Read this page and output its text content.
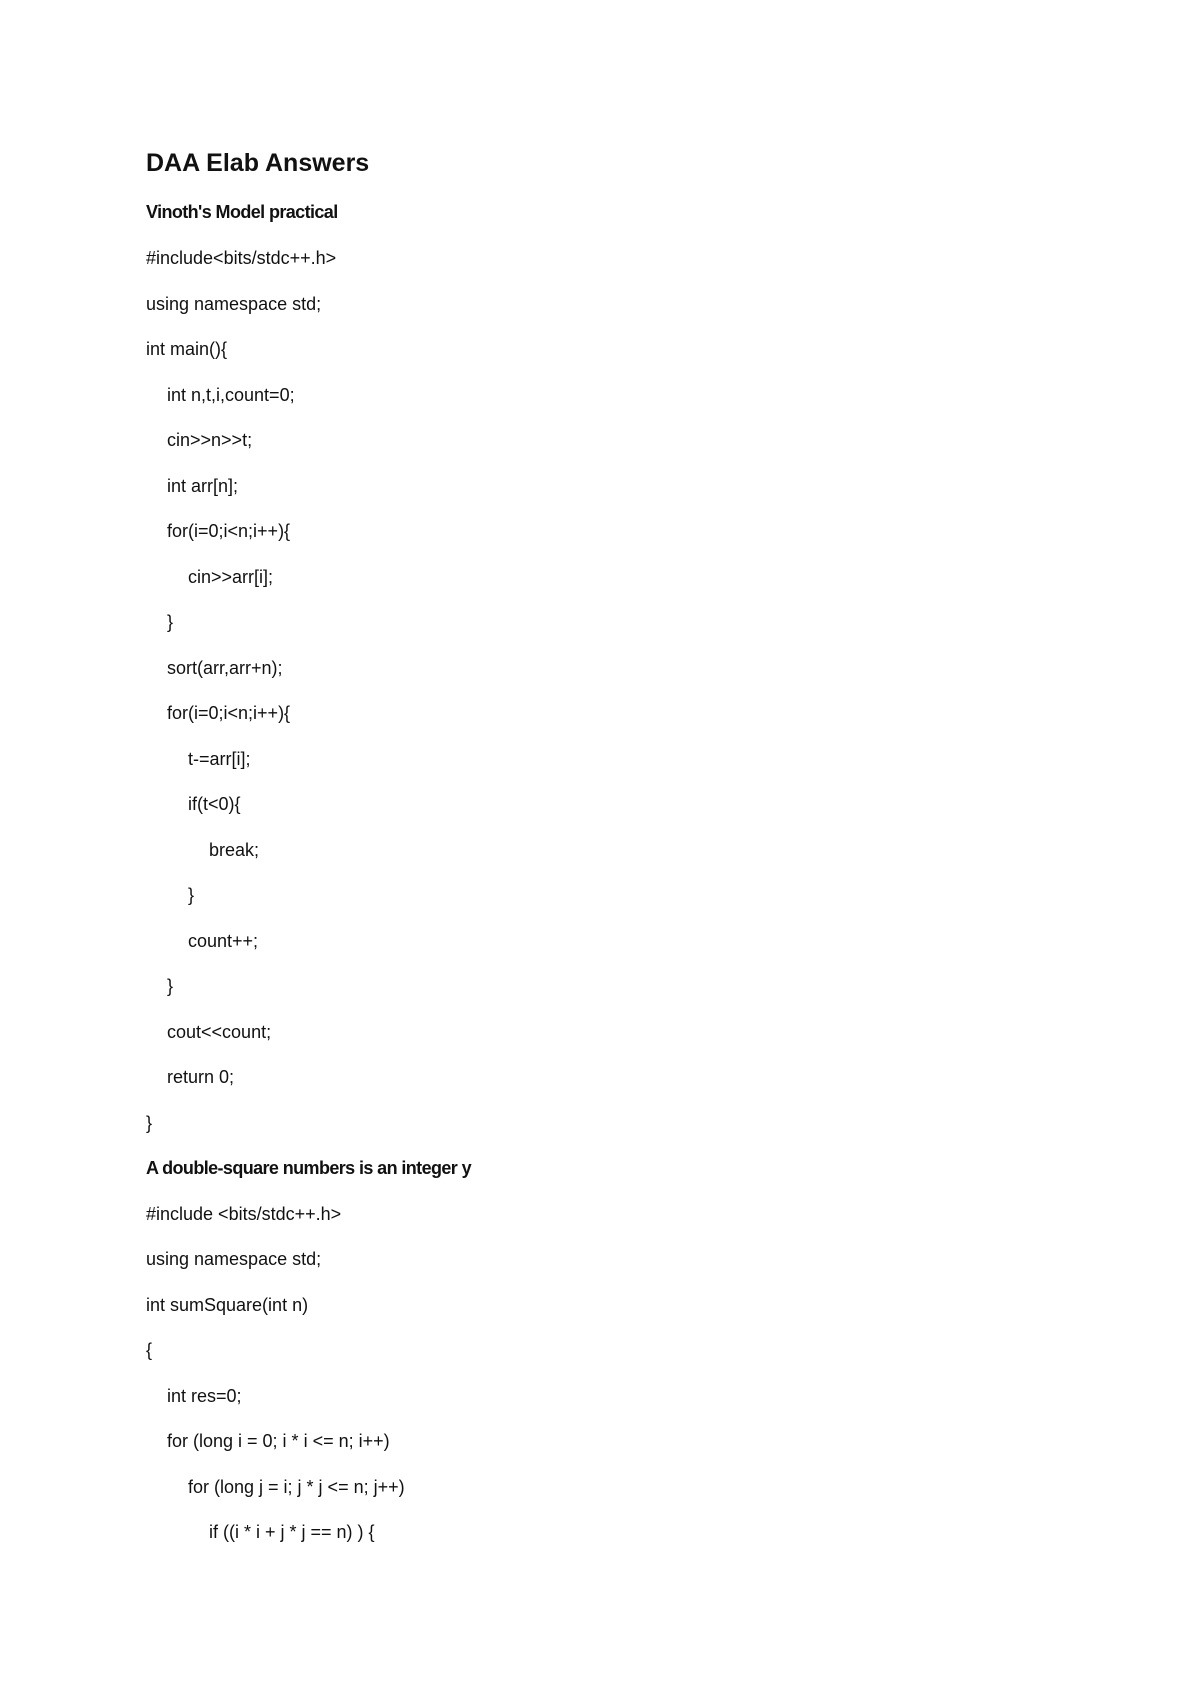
DAA Elab Answers
Vinoth's Model practical
#include<bits/stdc++.h>
using namespace std;
int main(){
int n,t,i,count=0;
cin>>n>>t;
int arr[n];
for(i=0;i<n;i++){
cin>>arr[i];
}
sort(arr,arr+n);
for(i=0;i<n;i++){
t-=arr[i];
if(t<0){
break;
}
count++;
}
cout<<count;
return 0;
}
A double-square numbers is an integer y
#include <bits/stdc++.h>
using namespace std;
int sumSquare(int n)
{
int res=0;
for (long i = 0; i * i <= n; i++)
for (long j = i; j * j <= n; j++)
if ((i * i + j * j == n) ) {
